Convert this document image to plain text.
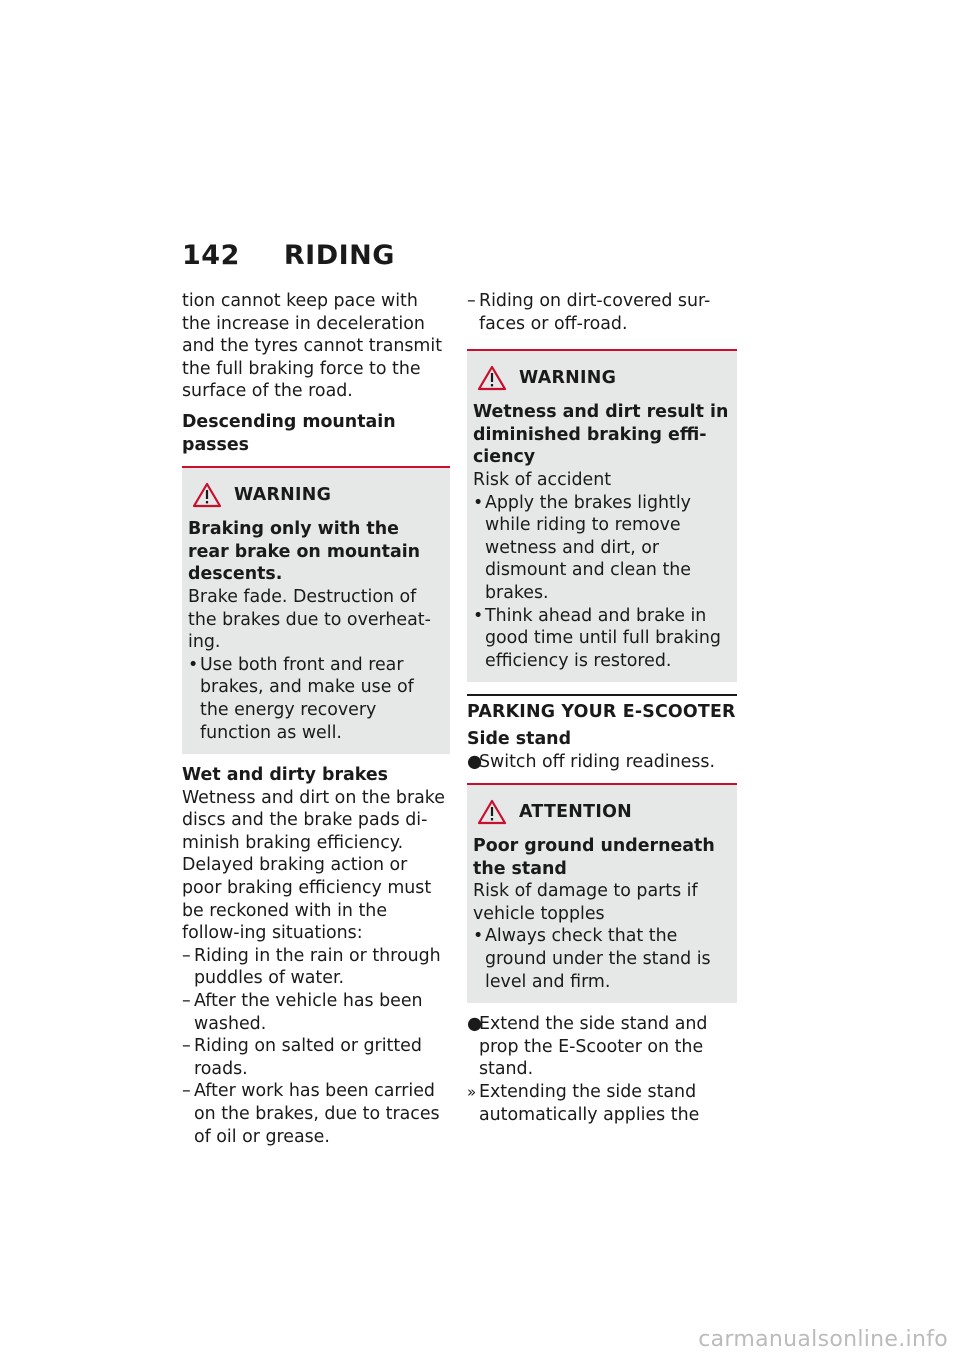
142 RIDING

tion cannot keep pace with the increase in deceleration and the tyres cannot transmit the full braking force to the surface of the road.

Descending mountain passes

WARNING

Braking only with the rear brake on mountain descents.

Brake fade. Destruction of the brakes due to overheat-ing.

• Use both front and rear brakes, and make use of the energy recovery function as well.

Wet and dirty brakes

Wetness and dirt on the brake discs and the brake pads di-minish braking efficiency.

Delayed braking action or poor braking efficiency must be reckoned with in the follow-ing situations:

– Riding in the rain or through puddles of water.
– After the vehicle has been washed.
– Riding on salted or gritted roads.
– After work has been carried on the brakes, due to traces of oil or grease.
– Riding on dirt-covered sur-faces or off-road.
WARNING

Wetness and dirt result in diminished braking effi-ciency

Risk of accident

• Apply the brakes lightly while riding to remove wetness and dirt, or dismount and clean the brakes.
• Think ahead and brake in good time until full braking efficiency is restored.
PARKING YOUR E-SCOOTER

Side stand

●
Switch off riding readiness.
ATTENTION

Poor ground underneath the stand

Risk of damage to parts if vehicle topples

• Always check that the ground under the stand is level and firm.
●
Extend the side stand and prop the E-Scooter on the stand.
» Extending the side stand automatically applies the
carmanualsonline.info
